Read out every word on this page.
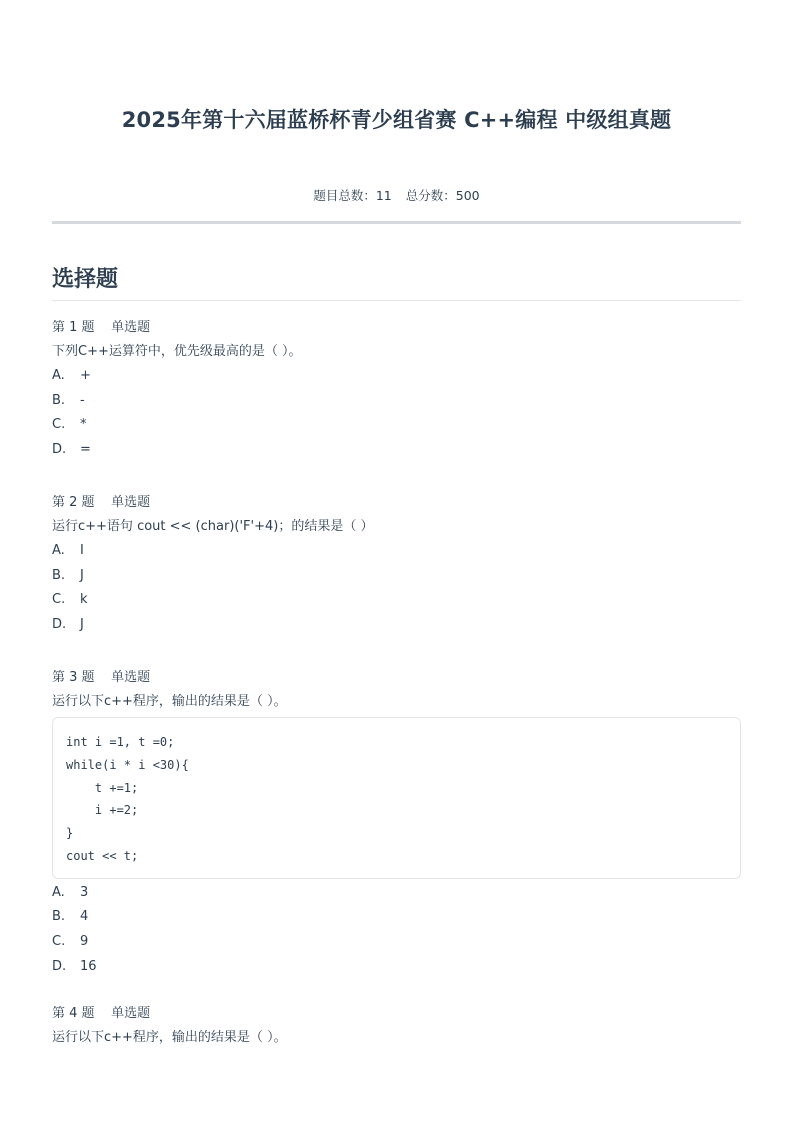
2025年第十六届蓝桥杯青少组省赛 C++编程 中级组真题
题目总数：11 总分数：500
选择题
第 1 题    单选题
下列C++运算符中，优先级最高的是（ ）。
A.	+
B.	-
C.	*
D.	=
第 2 题    单选题
运行c++语句 cout << (char)('F'+4)；的结果是（ ）
A.	I
B.	J
C.	k
D.	J
第 3 题    单选题
运行以下c++程序，输出的结果是（ ）。
int i =1, t =0;
while(i * i <30){
t +=1;
i +=2;
}
cout << t;
A.	3
B.	4
C.	9
D.	16
第 4 题    单选题
运行以下c++程序，输出的结果是（ ）。
